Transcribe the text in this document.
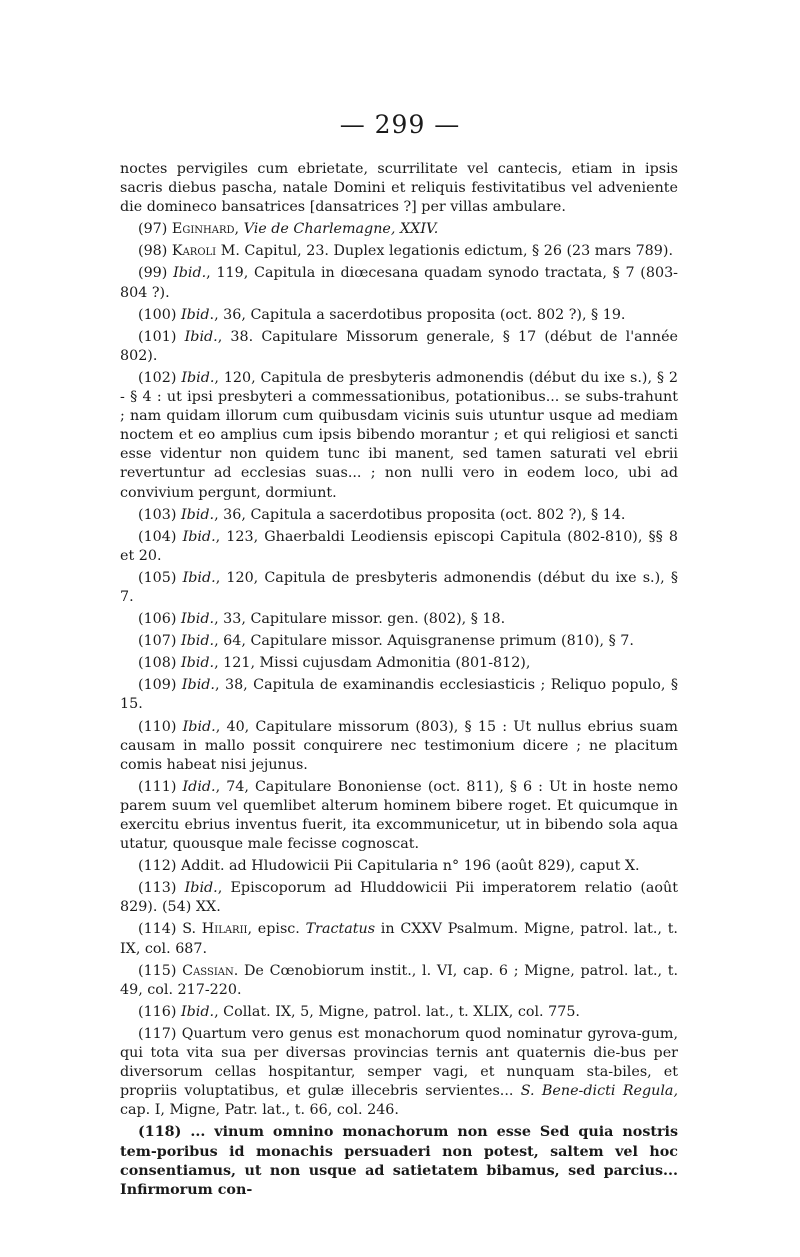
— 299 —

noctes pervigiles cum ebrietate, scurrilitate vel cantecis, etiam in ipsis sacris diebus pascha, natale Domini et reliquis festivitatibus vel adveniente die domineco bansatrices [dansatrices ?] per villas ambulare.

(97) Eginhard, Vie de Charlemagne, XXIV.

(98) Karoli M. Capitul, 23. Duplex legationis edictum, § 26 (23 mars 789).

(99) Ibid., 119, Capitula in diœcesana quadam synodo tractata, § 7 (803-804 ?).

(100) Ibid., 36, Capitula a sacerdotibus proposita (oct. 802 ?), § 19.

(101) Ibid., 38. Capitulare Missorum generale, § 17 (début de l'année 802).

(102) Ibid., 120, Capitula de presbyteris admonendis (début du ixe s.), § 2 - § 4 : ut ipsi presbyteri a commessationibus, potationibus... se subs-trahunt ; nam quidam illorum cum quibusdam vicinis suis utuntur usque ad mediam noctem et eo amplius cum ipsis bibendo morantur ; et qui religiosi et sancti esse videntur non quidem tunc ibi manent, sed tamen saturati vel ebrii revertuntur ad ecclesias suas... ; non nulli vero in eodem loco, ubi ad convivium pergunt, dormiunt.

(103) Ibid., 36, Capitula a sacerdotibus proposita (oct. 802 ?), § 14.

(104) Ibid., 123, Ghaerbaldi Leodiensis episcopi Capitula (802-810), §§ 8 et 20.

(105) Ibid., 120, Capitula de presbyteris admonendis (début du ixe s.), § 7.

(106) Ibid., 33, Capitulare missor. gen. (802), § 18.

(107) Ibid., 64, Capitulare missor. Aquisgranense primum (810), § 7.

(108) Ibid., 121, Missi cujusdam Admonitia (801-812),

(109) Ibid., 38, Capitula de examinandis ecclesiasticis ; Reliquo populo, § 15.

(110) Ibid., 40, Capitulare missorum (803), § 15 : Ut nullus ebrius suam causam in mallo possit conquirere nec testimonium dicere ; ne placitum comis habeat nisi jejunus.

(111) Idid., 74, Capitulare Bononiense (oct. 811), § 6 : Ut in hoste nemo parem suum vel quemlibet alterum hominem bibere roget. Et quicumque in exercitu ebrius inventus fuerit, ita excommunicetur, ut in bibendo sola aqua utatur, quousque male fecisse cognoscat.

(112) Addit. ad Hludowicii Pii Capitularia n° 196 (août 829), caput X.

(113) Ibid., Episcoporum ad Hluddowicii Pii imperatorem relatio (août 829). (54) XX.

(114) S. Hilarii, episc. Tractatus in CXXV Psalmum. Migne, patrol. lat., t. IX, col. 687.

(115) Cassian. De Cœnobiorum instit., l. VI, cap. 6 ; Migne, patrol. lat., t. 49, col. 217-220.

(116) Ibid., Collat. IX, 5, Migne, patrol. lat., t. XLIX, col. 775.

(117) Quartum vero genus est monachorum quod nominatur gyrova-gum, qui tota vita sua per diversas provincias ternis ant quaternis die-bus per diversorum cellas hospitantur, semper vagi, et nunquam sta-biles, et propriis voluptatibus, et gulæ illecebris servientes... S. Bene-dicti Regula, cap. I, Migne, Patr. lat., t. 66, col. 246.

(118) ... vinum omnino monachorum non esse Sed quia nostris tem-poribus id monachis persuaderi non potest, saltem vel hoc consentiamus, ut non usque ad satietatem bibamus, sed parcius... Infirmorum con-
